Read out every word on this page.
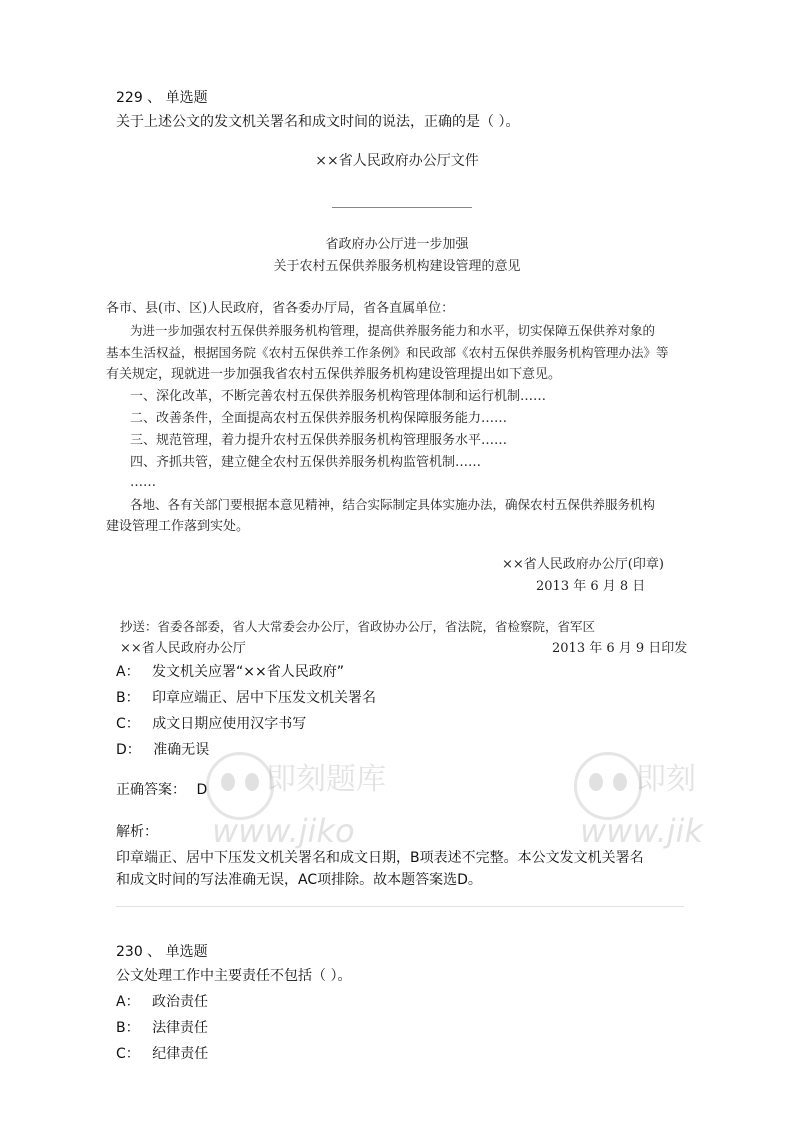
229 、 单选题
关于上述公文的发文机关署名和成文时间的说法，正确的是（ ）。
××省人民政府办公厅文件
省政府办公厅进一步加强
关于农村五保供养服务机构建设管理的意见
各市、县(市、区)人民政府，省各委办厅局，省各直属单位：
为进一步加强农村五保供养服务机构管理，提高供养服务能力和水平，切实保障五保供养对象的
基本生活权益，根据国务院《农村五保供养工作条例》和民政部《农村五保供养服务机构管理办法》等
有关规定，现就进一步加强我省农村五保供养服务机构建设管理提出如下意见。
一、深化改革，不断完善农村五保供养服务机构管理体制和运行机制……
二、改善条件，全面提高农村五保供养服务机构保障服务能力……
三、规范管理，着力提升农村五保供养服务机构管理服务水平……
四、齐抓共管，建立健全农村五保供养服务机构监管机制……
……
各地、各有关部门要根据本意见精神，结合实际制定具体实施办法，确保农村五保供养服务机构
建设管理工作落到实处。
××省人民政府办公厅(印章)
2013 年 6 月 8 日
抄送：省委各部委，省人大常委会办公厅，省政协办公厅，省法院，省检察院，省军区
××省人民政府办公厅	2013 年 6 月 9 日印发
A： 发文机关应署“××省人民政府”
B： 印章应端正、居中下压发文机关署名
C： 成文日期应使用汉字书写
D： 准确无误
正确答案： D
解析：
印章端正、居中下压发文机关署名和成文日期，B项表述不完整。本公文发文机关署名
和成文时间的写法准确无误，AC项排除。故本题答案选D。
230 、 单选题
公文处理工作中主要责任不包括（ ）。
A： 政治责任
B： 法律责任
C： 纪律责任
即刻题库
www.jiko
即刻
www.jik
